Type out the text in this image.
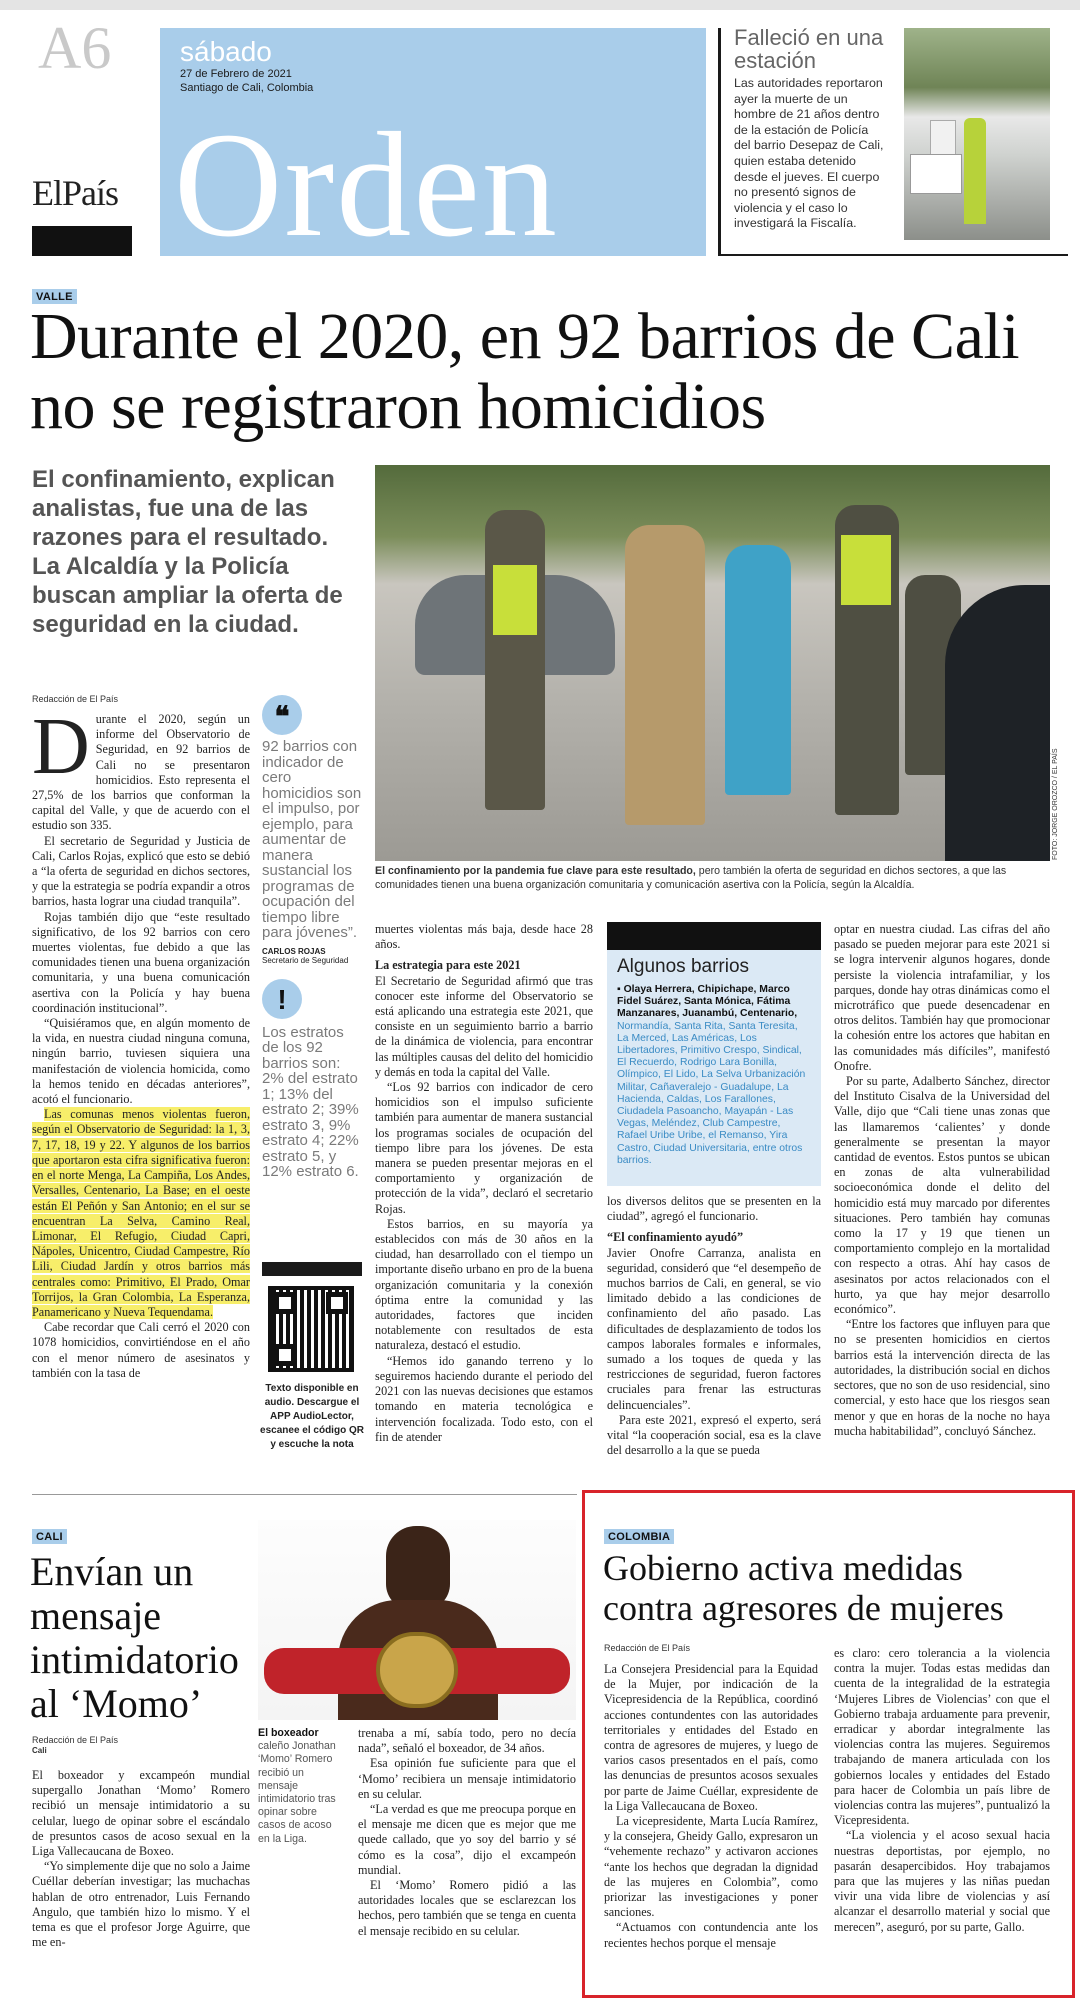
A6
ElPaís
sábado
27 de Febrero de 2021
Santiago de Cali, Colombia
Orden
Falleció en una estación
Las autoridades reportaron ayer la muerte de un hombre de 21 años dentro de la estación de Policía del barrio Desepaz de Cali, quien estaba detenido desde el jueves. El cuerpo no presentó signos de violencia y el caso lo investigará la Fiscalía.
VALLE
Durante el 2020, en 92 barrios de Cali no se registraron homicidios
El confinamiento, explican analistas, fue una de las razones para el resultado. La Alcaldía y la Policía buscan ampliar la oferta de seguridad en la ciudad.
FOTO: JORGE OROZCO / EL PAÍS
El confinamiento por la pandemia fue clave para este resultado, pero también la oferta de seguridad en dichos sectores, a que las comunidades tienen una buena organización comunitaria y comunicación asertiva con la Policía, según la Alcaldía.
Redacción de El País
D urante el 2020, según un informe del Observatorio de Seguridad, en 92 barrios de Cali no se presentaron homicidios. Esto representa el 27,5% de los barrios que conforman la capital del Valle, y que de acuerdo con el estudio son 335.

El secretario de Seguridad y Justicia de Cali, Carlos Rojas, explicó que esto se debió a “la oferta de seguridad en dichos sectores, y que la estrategia se podría expandir a otros barrios, hasta lograr una ciudad tranquila”.

Rojas también dijo que “este resultado significativo, de los 92 barrios con cero muertes violentas, fue debido a que las comunidades tienen una buena organización comunitaria, y una buena comunicación asertiva con la Policía y hay buena coordinación institucional”.

“Quisiéramos que, en algún momento de la vida, en nuestra ciudad ninguna comuna, ningún barrio, tuviesen siquiera una manifestación de violencia homicida, como la hemos tenido en décadas anteriores”, acotó el funcionario.

Las comunas menos violentas fueron, según el Observatorio de Seguridad: la 1, 3, 7, 17, 18, 19 y 22. Y algunos de los barrios que aportaron esta cifra significativa fueron: en el norte Menga, La Campiña, Los Andes, Versalles, Centenario, La Base; en el oeste están El Peñón y San Antonio; en el sur se encuentran La Selva, Camino Real, Limonar, El Refugio, Ciudad Capri, Nápoles, Unicentro, Ciudad Campestre, Río Lili, Ciudad Jardín y otros barrios más centrales como: Primitivo, El Prado, Omar Torrijos, la Gran Colombia, La Esperanza, Panamericano y Nueva Tequendama.

Cabe recordar que Cali cerró el 2020 con 1078 homicidios, convirtiéndose en el año con el menor número de asesinatos y también con la tasa de

❝
92 barrios con indicador de cero homicidios son el impulso, por ejemplo, para aumentar de manera sustancial los programas de ocupación del tiempo libre para jóvenes”.
CARLOS ROJAS
Secretario de Seguridad
!
Los estratos de los 92 barrios son: 2% del estrato 1; 13% del estrato 2; 39% estrato 3, 9% estrato 4; 22% estrato 5, y 12% estrato 6.
Texto disponible en audio. Descargue el APP AudioLector, escanee el código QR y escuche la nota

muertes violentas más baja, desde hace 28 años.

La estrategia para este 2021

El Secretario de Seguridad afirmó que tras conocer este informe del Observatorio se está aplicando una estrategia este 2021, que consiste en un seguimiento barrio a barrio de la dinámica de violencia, para encontrar las múltiples causas del delito del homicidio y demás en toda la capital del Valle.

“Los 92 barrios con indicador de cero homicidios son el impulso suficiente también para aumentar de manera sustancial los programas sociales de ocupación del tiempo libre para los jóvenes. De esta manera se pueden presentar mejoras en el comportamiento y organización de protección de la vida”, declaró el secretario Rojas.

Estos barrios, en su mayoría ya establecidos con más de 30 años en la ciudad, han desarrollado con el tiempo un importante diseño urbano en pro de la buena organización comunitaria y la conexión óptima entre la comunidad y las autoridades, factores que inciden notablemente con resultados de esta naturaleza, destacó el estudio.

“Hemos ido ganando terreno y lo seguiremos haciendo durante el periodo del 2021 con las nuevas decisiones que estamos tomando en materia tecnológica e intervención focalizada. Todo esto, con el fin de atender

Algunos barrios
▪ Olaya Herrera, Chipichape, Marco Fidel Suárez, Santa Mónica, Fátima Manzanares, Juanambú, Centenario, Normandía, Santa Rita, Santa Teresita, La Merced, Las Américas, Los Libertadores, Primitivo Crespo, Sindical, El Recuerdo, Rodrigo Lara Bonilla, Olímpico, El Lido, La Selva Urbanización Militar, Cañaveralejo - Guadalupe, La Hacienda, Caldas, Los Farallones, Ciudadela Pasoancho, Mayapán - Las Vegas, Meléndez, Club Campestre, Rafael Uribe Uribe, el Remanso, Yira Castro, Ciudad Universitaria, entre otros barrios.

los diversos delitos que se presenten en la ciudad”, agregó el funcionario.

“El confinamiento ayudó”

Javier Onofre Carranza, analista en seguridad, consideró que “el desempeño de muchos barrios de Cali, en general, se vio limitado debido a las condiciones de confinamiento del año pasado. Las dificultades de desplazamiento de todos los campos laborales formales e informales, sumado a los toques de queda y las restricciones de seguridad, fueron factores cruciales para frenar las estructuras delincuenciales”.

Para este 2021, expresó el experto, será vital “la cooperación social, esa es la clave del desarrollo a la que se pueda

optar en nuestra ciudad. Las cifras del año pasado se pueden mejorar para este 2021 si se logra intervenir algunos hogares, donde persiste la violencia intrafamiliar, y los parques, donde hay otras dinámicas como el microtráfico que puede desencadenar en otros delitos. También hay que promocionar la cohesión entre los actores que habitan en las comunidades más difíciles”, manifestó Onofre.

Por su parte, Adalberto Sánchez, director del Instituto Cisalva de la Universidad del Valle, dijo que “Cali tiene unas zonas que las llamaremos ‘calientes’ y donde generalmente se presentan la mayor cantidad de eventos. Estos puntos se ubican en zonas de alta vulnerabilidad socioeconómica donde el delito del homicidio está muy marcado por diferentes situaciones. Pero también hay comunas como la 17 y 19 que tienen un comportamiento complejo en la mortalidad con respecto a otras. Ahí hay casos de asesinatos por actos relacionados con el hurto, ya que hay mejor desarrollo económico”.

“Entre los factores que influyen para que no se presenten homicidios en ciertos barrios está la intervención directa de las autoridades, la distribución social en dichos sectores, que no son de uso residencial, sino comercial, y esto hace que los riesgos sean menor y que en horas de la noche no haya mucha habitabilidad”, concluyó Sánchez.

CALI
Envían un mensaje intimidatorio al ‘Momo’
Redacción de El País
Cali

El boxeador y excampeón mundial supergallo Jonathan ‘Momo’ Romero recibió un mensaje intimidatorio a su celular, luego de opinar sobre el escándalo de presuntos casos de acoso sexual en la Liga Vallecaucana de Boxeo.

“Yo simplemente dije que no solo a Jaime Cuéllar deberían investigar; las muchachas hablan de otro entrenador, Luis Fernando Angulo, que también hizo lo mismo. Y el tema es que el profesor Jorge Aguirre, que me en-

El boxeador
caleño Jonathan ‘Momo’ Romero recibió un mensaje intimidatorio tras opinar sobre casos de acoso en la Liga.

trenaba a mí, sabía todo, pero no decía nada”, señaló el boxeador, de 34 años.

Esa opinión fue suficiente para que el ‘Momo’ recibiera un mensaje intimidatorio en su celular.

“La verdad es que me preocupa porque en el mensaje me dicen que es mejor que me quede callado, que yo soy del barrio y sé cómo es la cosa”, dijo el excampeón mundial.

El ‘Momo’ Romero pidió a las autoridades locales que se esclarezcan los hechos, pero también que se tenga en cuenta el mensaje recibido en su celular.

COLOMBIA
Gobierno activa medidas contra agresores de mujeres
Redacción de El País

La Consejera Presidencial para la Equidad de la Mujer, por indicación de la Vicepresidencia de la República, coordinó acciones contundentes con las autoridades territoriales y entidades del Estado en contra de agresores de mujeres, y luego de varios casos presentados en el país, como las denuncias de presuntos acosos sexuales por parte de Jaime Cuéllar, expresidente de la Liga Vallecaucana de Boxeo.

La vicepresidente, Marta Lucía Ramírez, y la consejera, Gheidy Gallo, expresaron un “vehemente rechazo” y activaron acciones “ante los hechos que degradan la dignidad de las mujeres en Colombia”, como priorizar las investigaciones y poner sanciones.

“Actuamos con contundencia ante los recientes hechos porque el mensaje

es claro: cero tolerancia a la violencia contra la mujer. Todas estas medidas dan cuenta de la integralidad de la estrategia ‘Mujeres Libres de Violencias’ con que el Gobierno trabaja arduamente para prevenir, erradicar y abordar integralmente las violencias contra las mujeres. Seguiremos trabajando de manera articulada con los gobiernos locales y entidades del Estado para hacer de Colombia un país libre de violencias contra las mujeres”, puntualizó la Vicepresidenta.

“La violencia y el acoso sexual hacia nuestras deportistas, por ejemplo, no pasarán desapercibidos. Hoy trabajamos para que las mujeres y las niñas puedan vivir una vida libre de violencias y así alcanzar el desarrollo material y social que merecen”, aseguró, por su parte, Gallo.
